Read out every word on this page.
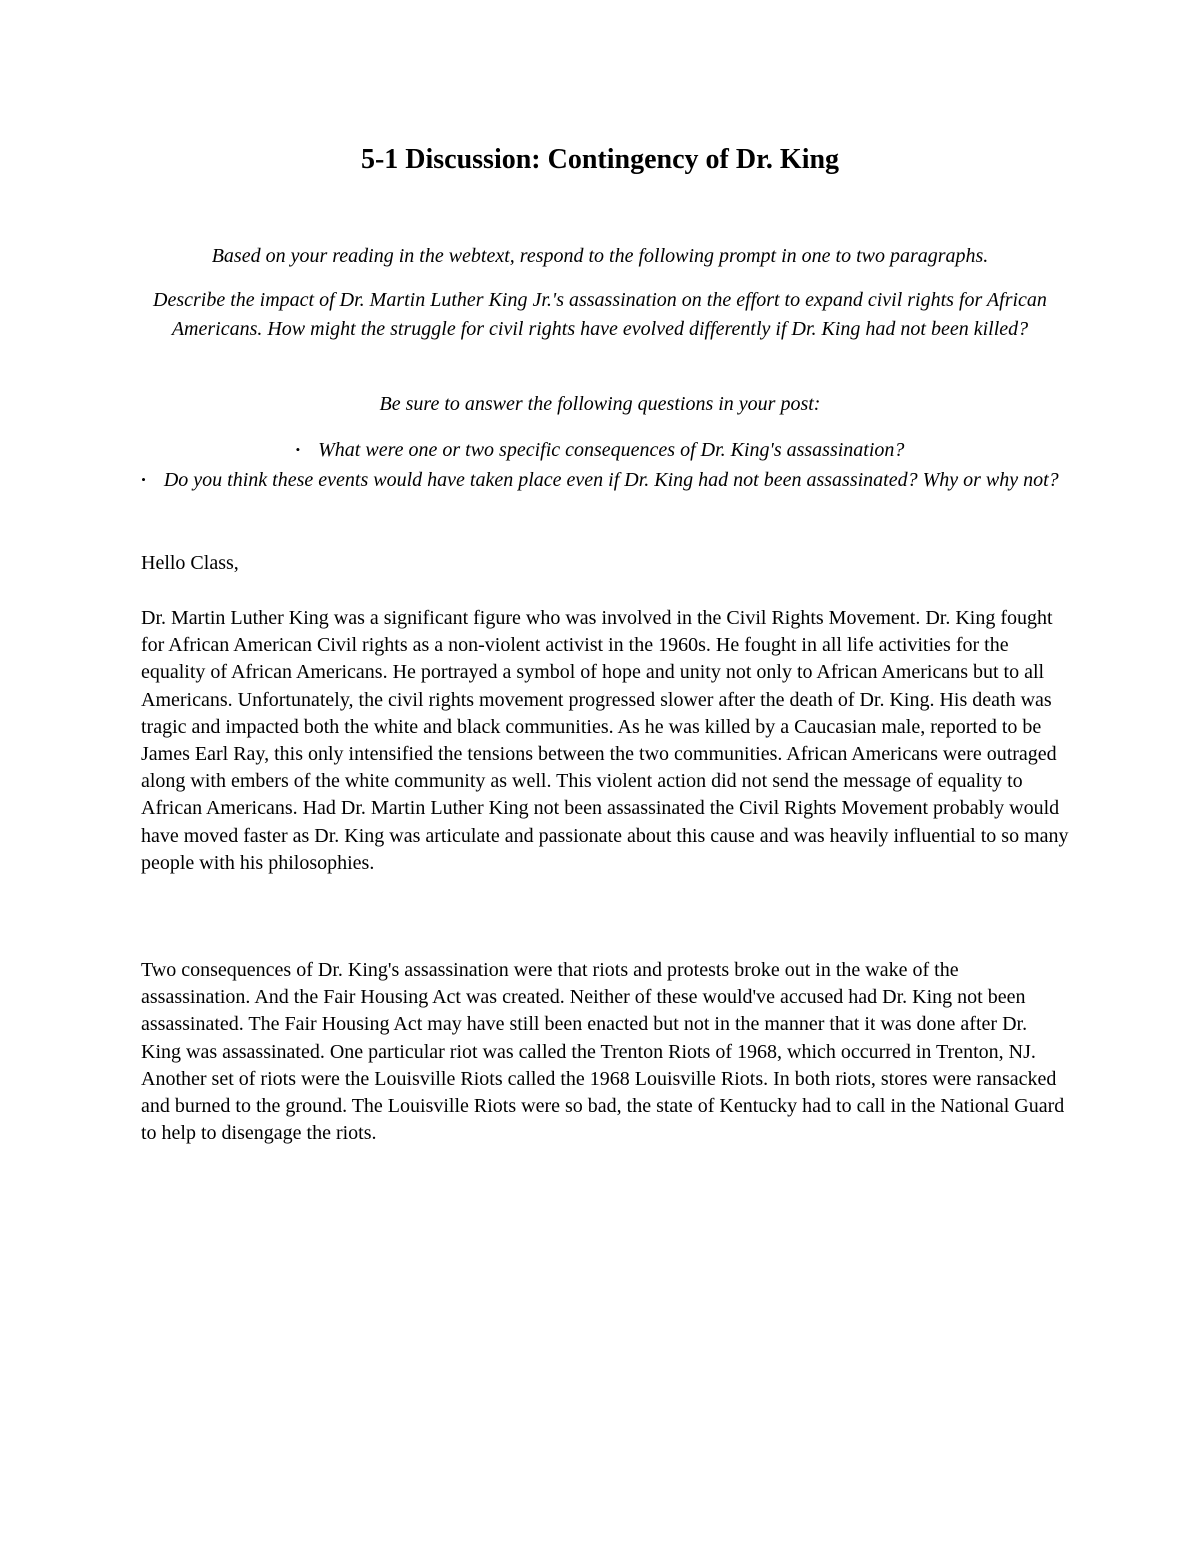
5-1 Discussion: Contingency of Dr. King

Based on your reading in the webtext, respond to the following prompt in one to two paragraphs.

Describe the impact of Dr. Martin Luther King Jr.'s assassination on the effort to expand civil rights for African Americans. How might the struggle for civil rights have evolved differently if Dr. King had not been killed?

Be sure to answer the following questions in your post:

• What were one or two specific consequences of Dr. King's assassination?
• Do you think these events would have taken place even if Dr. King had not been assassinated? Why or why not?

Hello Class,

Dr. Martin Luther King was a significant figure who was involved in the Civil Rights Movement. Dr. King fought for African American Civil rights as a non-violent activist in the 1960s. He fought in all life activities for the equality of African Americans. He portrayed a symbol of hope and unity not only to African Americans but to all Americans. Unfortunately, the civil rights movement progressed slower after the death of Dr. King. His death was tragic and impacted both the white and black communities. As he was killed by a Caucasian male, reported to be James Earl Ray, this only intensified the tensions between the two communities. African Americans were outraged along with embers of the white community as well. This violent action did not send the message of equality to African Americans. Had Dr. Martin Luther King not been assassinated the Civil Rights Movement probably would have moved faster as Dr. King was articulate and passionate about this cause and was heavily influential to so many people with his philosophies.

Two consequences of Dr. King's assassination were that riots and protests broke out in the wake of the assassination. And the Fair Housing Act was created. Neither of these would've accused had Dr. King not been assassinated. The Fair Housing Act may have still been enacted but not in the manner that it was done after Dr. King was assassinated. One particular riot was called the Trenton Riots of 1968, which occurred in Trenton, NJ. Another set of riots were the Louisville Riots called the 1968 Louisville Riots. In both riots, stores were ransacked and burned to the ground. The Louisville Riots were so bad, the state of Kentucky had to call in the National Guard to help to disengage the riots.
